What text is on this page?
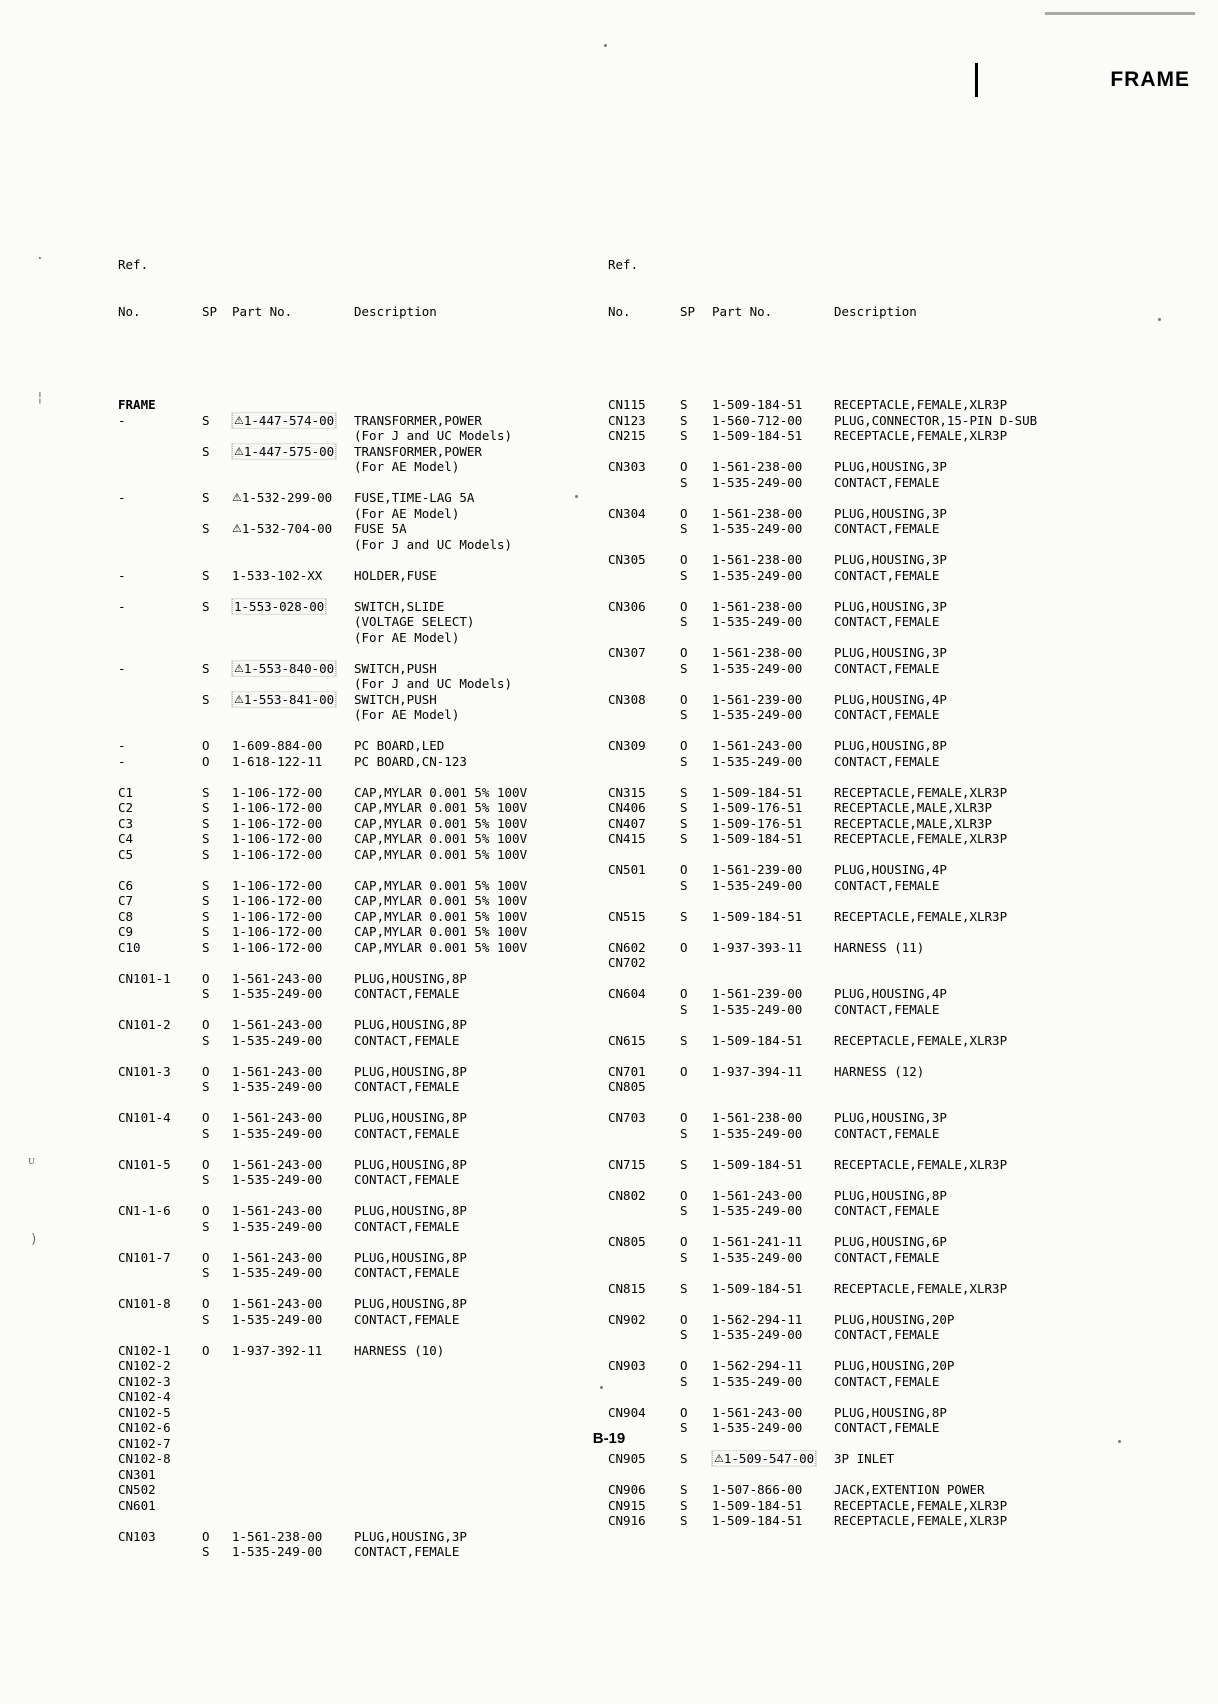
FRAME
.
¦
ᴜ
)

Ref.

No.	SP Part No.	Description

FRAME
-	S ⚠1-447-574-00 TRANSFORMER,POWER
(For J and UC Models)
S ⚠1-447-575-00 TRANSFORMER,POWER
(For AE Model)
-	S ⚠1-532-299-00 FUSE,TIME-LAG 5A
(For AE Model)
S ⚠1-532-704-00 FUSE 5A
(For J and UC Models)
-	S 1-533-102-XX	HOLDER,FUSE
-	S 1-553-028-00 SWITCH,SLIDE
(VOLTAGE SELECT)
(For AE Model)
-	S ⚠1-553-840-00 SWITCH,PUSH
(For J and UC Models)
S ⚠1-553-841-00 SWITCH,PUSH
(For AE Model)
-	O 1-609-884-00	PC BOARD,LED
-	O 1-618-122-11	PC BOARD,CN-123
C1	S 1-106-172-00	CAP,MYLAR 0.001 5% 100V
C2	S 1-106-172-00	CAP,MYLAR 0.001 5% 100V
C3	S 1-106-172-00	CAP,MYLAR 0.001 5% 100V
C4	S 1-106-172-00	CAP,MYLAR 0.001 5% 100V
C5	S 1-106-172-00	CAP,MYLAR 0.001 5% 100V
C6	S 1-106-172-00	CAP,MYLAR 0.001 5% 100V
C7	S 1-106-172-00	CAP,MYLAR 0.001 5% 100V
C8	S 1-106-172-00	CAP,MYLAR 0.001 5% 100V
C9	S 1-106-172-00	CAP,MYLAR 0.001 5% 100V
C10	S 1-106-172-00	CAP,MYLAR 0.001 5% 100V
CN101-1	O 1-561-243-00	PLUG,HOUSING,8P
S 1-535-249-00	CONTACT,FEMALE
CN101-2	O 1-561-243-00	PLUG,HOUSING,8P
S 1-535-249-00	CONTACT,FEMALE
CN101-3	O 1-561-243-00	PLUG,HOUSING,8P
S 1-535-249-00	CONTACT,FEMALE
CN101-4	O 1-561-243-00	PLUG,HOUSING,8P
S 1-535-249-00	CONTACT,FEMALE
CN101-5	O 1-561-243-00	PLUG,HOUSING,8P
S 1-535-249-00	CONTACT,FEMALE
CN1-1-6	O 1-561-243-00	PLUG,HOUSING,8P
S 1-535-249-00	CONTACT,FEMALE
CN101-7	O 1-561-243-00	PLUG,HOUSING,8P
S 1-535-249-00	CONTACT,FEMALE
CN101-8	O 1-561-243-00	PLUG,HOUSING,8P
S 1-535-249-00	CONTACT,FEMALE
CN102-1	O 1-937-392-11	HARNESS (10)
CN102-2
CN102-3
CN102-4
CN102-5
CN102-6
CN102-7
CN102-8
CN301
CN502
CN601
CN103	O 1-561-238-00	PLUG,HOUSING,3P
S 1-535-249-00	CONTACT,FEMALE

Ref.

No.	SP Part No.	Description

CN115	S 1-509-184-51	RECEPTACLE,FEMALE,XLR3P
CN123	S 1-560-712-00	PLUG,CONNECTOR,15-PIN D-SUB
CN215	S 1-509-184-51	RECEPTACLE,FEMALE,XLR3P
CN303	O 1-561-238-00	PLUG,HOUSING,3P
S 1-535-249-00	CONTACT,FEMALE
CN304	O 1-561-238-00	PLUG,HOUSING,3P
S 1-535-249-00	CONTACT,FEMALE
CN305	O 1-561-238-00	PLUG,HOUSING,3P
S 1-535-249-00	CONTACT,FEMALE
CN306	O 1-561-238-00	PLUG,HOUSING,3P
S 1-535-249-00	CONTACT,FEMALE
CN307	O 1-561-238-00	PLUG,HOUSING,3P
S 1-535-249-00	CONTACT,FEMALE
CN308	O 1-561-239-00	PLUG,HOUSING,4P
S 1-535-249-00	CONTACT,FEMALE
CN309	O 1-561-243-00	PLUG,HOUSING,8P
S 1-535-249-00	CONTACT,FEMALE
CN315	S 1-509-184-51	RECEPTACLE,FEMALE,XLR3P
CN406	S 1-509-176-51	RECEPTACLE,MALE,XLR3P
CN407	S 1-509-176-51	RECEPTACLE,MALE,XLR3P
CN415	S 1-509-184-51	RECEPTACLE,FEMALE,XLR3P
CN501	O 1-561-239-00	PLUG,HOUSING,4P
S 1-535-249-00	CONTACT,FEMALE
CN515	S 1-509-184-51	RECEPTACLE,FEMALE,XLR3P
CN602	O 1-937-393-11	HARNESS (11)
CN702
CN604	O 1-561-239-00	PLUG,HOUSING,4P
S 1-535-249-00	CONTACT,FEMALE
CN615	S 1-509-184-51	RECEPTACLE,FEMALE,XLR3P
CN701	O 1-937-394-11	HARNESS (12)
CN805
CN703	O 1-561-238-00	PLUG,HOUSING,3P
S 1-535-249-00	CONTACT,FEMALE
CN715	S 1-509-184-51	RECEPTACLE,FEMALE,XLR3P
CN802	O 1-561-243-00	PLUG,HOUSING,8P
S 1-535-249-00	CONTACT,FEMALE
CN805	O 1-561-241-11	PLUG,HOUSING,6P
S 1-535-249-00	CONTACT,FEMALE
CN815	S 1-509-184-51	RECEPTACLE,FEMALE,XLR3P
CN902	O 1-562-294-11	PLUG,HOUSING,20P
S 1-535-249-00	CONTACT,FEMALE
CN903	O 1-562-294-11	PLUG,HOUSING,20P
S 1-535-249-00	CONTACT,FEMALE
CN904	O 1-561-243-00	PLUG,HOUSING,8P
S 1-535-249-00	CONTACT,FEMALE
CN905	S ⚠1-509-547-00 3P INLET
CN906	S 1-507-866-00	JACK,EXTENTION POWER
CN915	S 1-509-184-51	RECEPTACLE,FEMALE,XLR3P
CN916	S 1-509-184-51	RECEPTACLE,FEMALE,XLR3P

B-19
